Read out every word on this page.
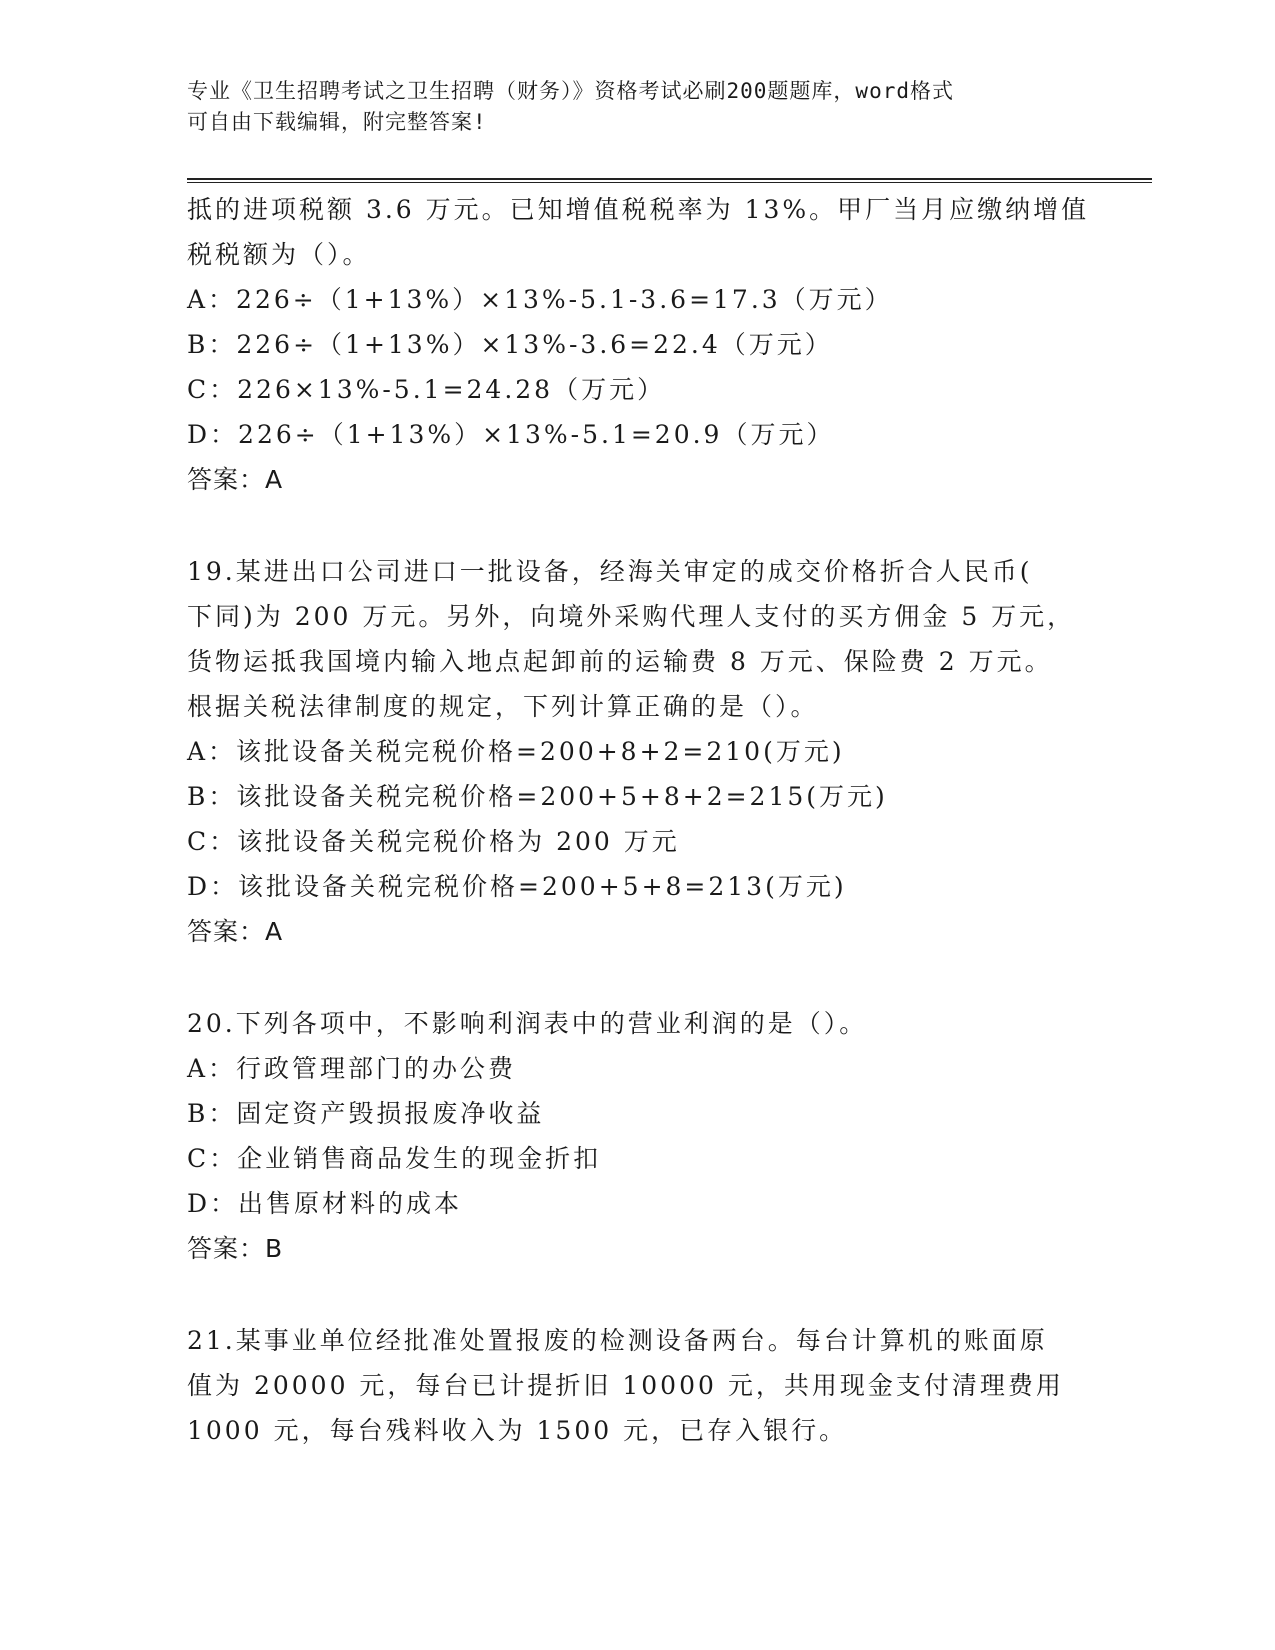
专业《卫生招聘考试之卫生招聘（财务）》资格考试必刷200题题库，word格式
可自由下载编辑，附完整答案!
抵的进项税额 3.6 万元。已知增值税税率为 13%。甲厂当月应缴纳增值
税税额为（）。
A：226÷（1+13%）×13%-5.1-3.6=17.3（万元）
B：226÷（1+13%）×13%-3.6=22.4（万元）
C：226×13%-5.1=24.28（万元）
D：226÷（1+13%）×13%-5.1=20.9（万元）
答案：A
19.某进出口公司进口一批设备，经海关审定的成交价格折合人民币(
下同)为 200 万元。另外，向境外采购代理人支付的买方佣金 5 万元，
货物运抵我国境内输入地点起卸前的运输费 8 万元、保险费 2 万元。
根据关税法律制度的规定，下列计算正确的是（）。
A：该批设备关税完税价格=200+8+2=210(万元)
B：该批设备关税完税价格=200+5+8+2=215(万元)
C：该批设备关税完税价格为 200 万元
D：该批设备关税完税价格=200+5+8=213(万元)
答案：A
20.下列各项中，不影响利润表中的营业利润的是（）。
A：行政管理部门的办公费
B：固定资产毁损报废净收益
C：企业销售商品发生的现金折扣
D：出售原材料的成本
答案：B
21.某事业单位经批准处置报废的检测设备两台。每台计算机的账面原
值为 20000 元，每台已计提折旧 10000 元，共用现金支付清理费用
1000 元，每台残料收入为 1500 元，已存入银行。
